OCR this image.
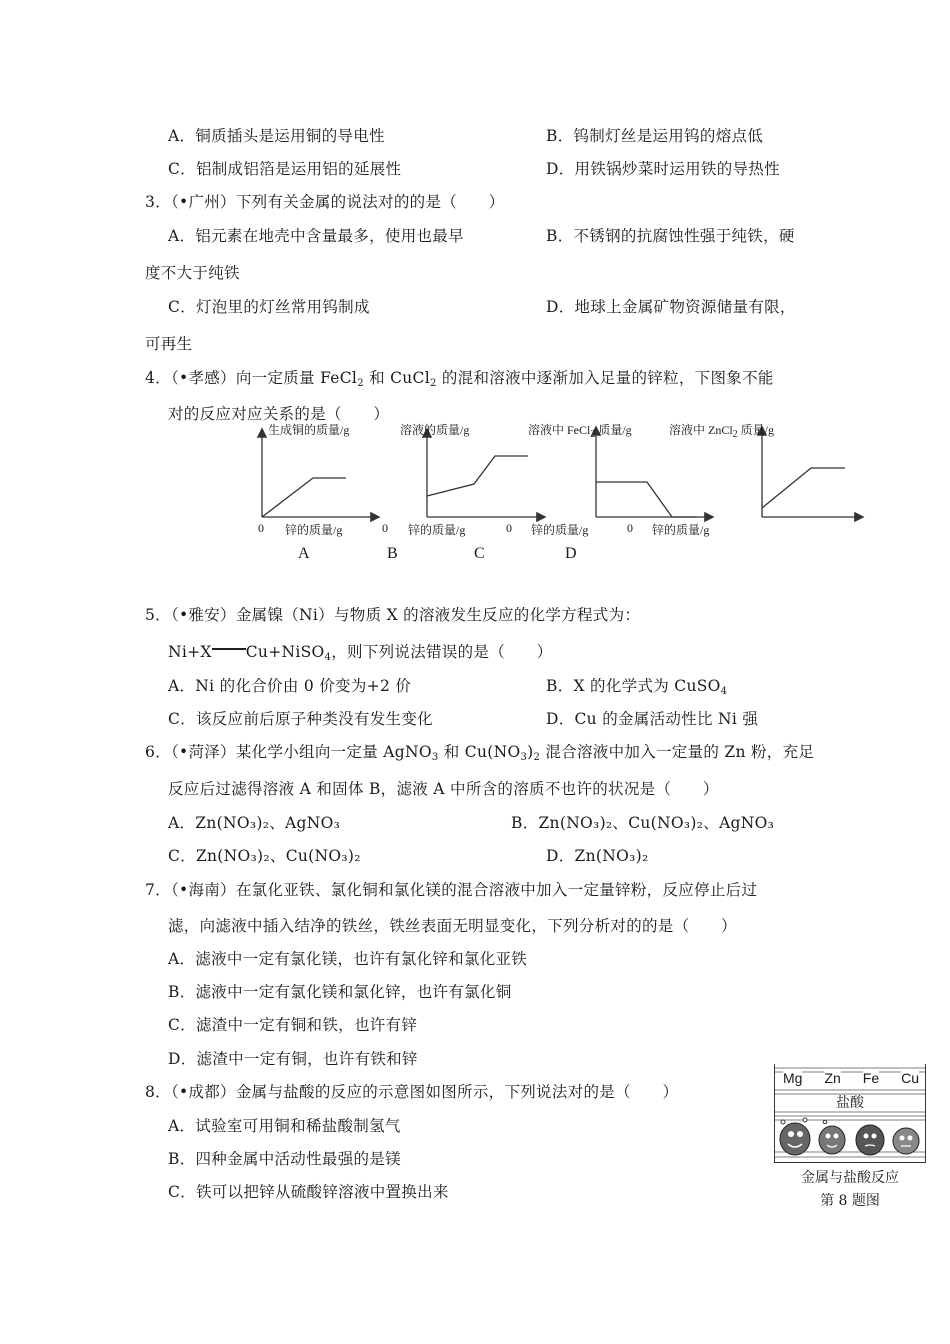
A．铜质插头是运用铜的导电性	B．钨制灯丝是运用钨的熔点低
C．铝制成铝箔是运用铝的延展性	D．用铁锅炒菜时运用铁的导热性
3．（•广州）下列有关金属的说法对的的是（　　）
A．铝元素在地壳中含量最多，使用也最早	B．不锈钢的抗腐蚀性强于纯铁，硬
度不大于纯铁
C．灯泡里的灯丝常用钨制成	D．地球上金属矿物资源储量有限，
可再生
4．（•孝感）向一定质量 FeCl2 和 CuCl2 的混和溶液中逐渐加入足量的锌粒，下图象不能
对的反应对应关系的是（　　）
生成铜的质量/g	溶液的质量/g	溶液中 FeCl$_2$ 质量/g	溶液中 ZnCl$_2$ 质量/g
0 锌的质量/g	0 锌的质量/g	0 锌的质量/g	0 锌的质量/g
A	B	C	D
5．（•雅安）金属镍（Ni）与物质 X 的溶液发生反应的化学方程式为：
Ni+X Cu+NiSO4，则下列说法错误的是（　　）
A．Ni 的化合价由 0 价变为+2 价	B．X 的化学式为 CuSO4
C．该反应前后原子种类没有发生变化	D．Cu 的金属活动性比 Ni 强
6．（•菏泽）某化学小组向一定量 AgNO3 和 Cu(NO3)2 混合溶液中加入一定量的 Zn 粉，充足
反应后过滤得溶液 A 和固体 B，滤液 A 中所含的溶质不也许的状况是（　　）
A．Zn(NO₃)₂、AgNO₃	B．Zn(NO₃)₂、Cu(NO₃)₂、AgNO₃
C．Zn(NO₃)₂、Cu(NO₃)₂	D．Zn(NO₃)₂
7．（•海南）在氯化亚铁、氯化铜和氯化镁的混合溶液中加入一定量锌粉，反应停止后过
滤，向滤液中插入结净的铁丝，铁丝表面无明显变化，下列分析对的的是（　　）
A．滤液中一定有氯化镁，也许有氯化锌和氯化亚铁
B．滤液中一定有氯化镁和氯化锌，也许有氯化铜
C．滤渣中一定有铜和铁，也许有锌
D．滤渣中一定有铜，也许有铁和锌
8．（•成都）金属与盐酸的反应的示意图如图所示，下列说法对的是（　　）
A．试验室可用铜和稀盐酸制氢气
B．四种金属中活动性最强的是镁
C．铁可以把锌从硫酸锌溶液中置换出来
Mg Zn Fe Cu
盐酸
金属与盐酸反应
第 8 题图
